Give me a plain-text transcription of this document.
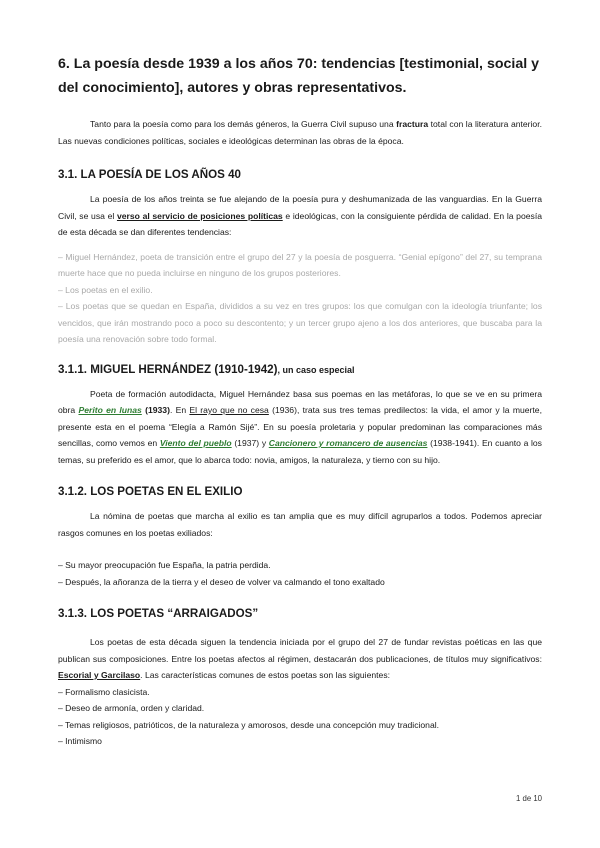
6. La poesía desde 1939 a los años 70: tendencias [testimonial, social y del conocimiento], autores y obras representativos.

Tanto para la poesía como para los demás géneros, la Guerra Civil supuso una fractura total con la literatura anterior. Las nuevas condiciones políticas, sociales e ideológicas determinan las obras de la época.

3.1. LA POESÍA DE LOS AÑOS 40

La poesía de los años treinta se fue alejando de la poesía pura y deshumanizada de las vanguardias. En la Guerra Civil, se usa el verso al servicio de posiciones políticas e ideológicas, con la consiguiente pérdida de calidad. En la poesía de esta década se dan diferentes tendencias:

– Miguel Hernández, poeta de transición entre el grupo del 27 y la poesía de posguerra. “Genial epígono” del 27, su temprana muerte hace que no pueda incluirse en ninguno de los grupos posteriores.

– Los poetas en el exilio.

– Los poetas que se quedan en España, divididos a su vez en tres grupos: los que comulgan con la ideología triunfante; los vencidos, que irán mostrando poco a poco su descontento; y un tercer grupo ajeno a los dos anteriores, que buscaba para la poesía una renovación sobre todo formal.

3.1.1. MIGUEL HERNÁNDEZ (1910-1942), un caso especial

Poeta de formación autodidacta, Miguel Hernández basa sus poemas en las metáforas, lo que se ve en su primera obra Perito en lunas (1933). En El rayo que no cesa (1936), trata sus tres temas predilectos: la vida, el amor y la muerte, presente esta en el poema “Elegía a Ramón Sijé”. En su poesía proletaria y popular predominan las comparaciones más sencillas, como vemos en Viento del pueblo (1937) y Cancionero y romancero de ausencias (1938-1941). En cuanto a los temas, su preferido es el amor, que lo abarca todo: novia, amigos, la naturaleza, y tierno con su hijo.

3.1.2. LOS POETAS EN EL EXILIO

La nómina de poetas que marcha al exilio es tan amplia que es muy difícil agruparlos a todos. Podemos apreciar rasgos comunes en los poetas exiliados:

– Su mayor preocupación fue España, la patria perdida.

– Después, la añoranza de la tierra y el deseo de volver va calmando el tono exaltado

3.1.3. LOS POETAS “ARRAIGADOS”

Los poetas de esta década siguen la tendencia iniciada por el grupo del 27 de fundar revistas poéticas en las que publican sus composiciones. Entre los poetas afectos al régimen, destacarán dos publicaciones, de títulos muy significativos: Escorial y Garcilaso. Las características comunes de estos poetas son las siguientes:

– Formalismo clasicista.

– Deseo de armonía, orden y claridad.

– Temas religiosos, patrióticos, de la naturaleza y amorosos, desde una concepción muy tradicional.

– Intimismo

1 de 10
